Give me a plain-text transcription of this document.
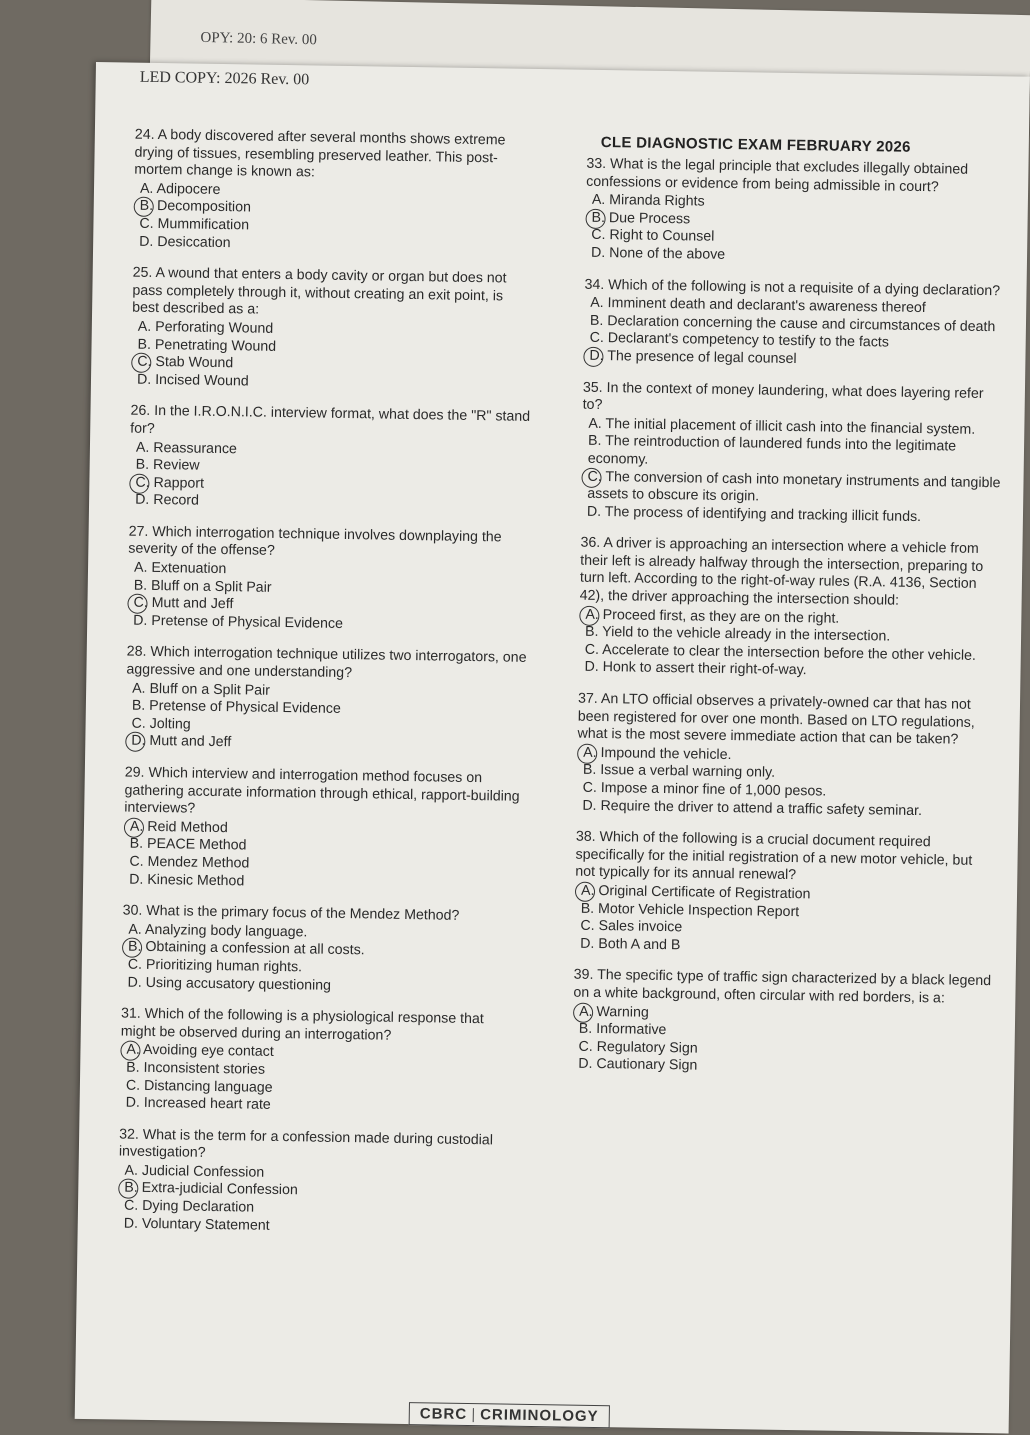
OPY: 20: 6 Rev. 00
LED COPY: 2026 Rev. 00
CLE DIAGNOSTIC EXAM FEBRUARY 2026
24. A body discovered after several months shows extreme drying of tissues, resembling preserved leather. This post-mortem change is known as:
A. Adipocere
B. Decomposition
C. Mummification
D. Desiccation
25. A wound that enters a body cavity or organ but does not pass completely through it, without creating an exit point, is best described as a:
A. Perforating Wound
B. Penetrating Wound
C. Stab Wound
D. Incised Wound
26. In the I.R.O.N.I.C. interview format, what does the "R" stand for?
A. Reassurance
B. Review
C. Rapport
D. Record
27. Which interrogation technique involves downplaying the severity of the offense?
A. Extenuation
B. Bluff on a Split Pair
C. Mutt and Jeff
D. Pretense of Physical Evidence
28. Which interrogation technique utilizes two interrogators, one aggressive and one understanding?
A. Bluff on a Split Pair
B. Pretense of Physical Evidence
C. Jolting
D. Mutt and Jeff
29. Which interview and interrogation method focuses on gathering accurate information through ethical, rapport-building interviews?
A. Reid Method
B. PEACE Method
C. Mendez Method
D. Kinesic Method
30. What is the primary focus of the Mendez Method?
A. Analyzing body language.
B. Obtaining a confession at all costs.
C. Prioritizing human rights.
D. Using accusatory questioning
31. Which of the following is a physiological response that might be observed during an interrogation?
A. Avoiding eye contact
B. Inconsistent stories
C. Distancing language
D. Increased heart rate
32. What is the term for a confession made during custodial investigation?
A. Judicial Confession
B. Extra-judicial Confession
C. Dying Declaration
D. Voluntary Statement
33. What is the legal principle that excludes illegally obtained confessions or evidence from being admissible in court?
A. Miranda Rights
B. Due Process
C. Right to Counsel
D. None of the above
34. Which of the following is not a requisite of a dying declaration?
A. Imminent death and declarant's awareness thereof
B. Declaration concerning the cause and circumstances of death
C. Declarant's competency to testify to the facts
D. The presence of legal counsel
35. In the context of money laundering, what does layering refer to?
A. The initial placement of illicit cash into the financial system.
B. The reintroduction of laundered funds into the legitimate economy.
C. The conversion of cash into monetary instruments and tangible assets to obscure its origin.
D. The process of identifying and tracking illicit funds.
36. A driver is approaching an intersection where a vehicle from their left is already halfway through the intersection, preparing to turn left. According to the right-of-way rules (R.A. 4136, Section 42), the driver approaching the intersection should:
A. Proceed first, as they are on the right.
B. Yield to the vehicle already in the intersection.
C. Accelerate to clear the intersection before the other vehicle.
D. Honk to assert their right-of-way.
37. An LTO official observes a privately-owned car that has not been registered for over one month. Based on LTO regulations, what is the most severe immediate action that can be taken?
A. Impound the vehicle.
B. Issue a verbal warning only.
C. Impose a minor fine of 1,000 pesos.
D. Require the driver to attend a traffic safety seminar.
38. Which of the following is a crucial document required specifically for the initial registration of a new motor vehicle, but not typically for its annual renewal?
A. Original Certificate of Registration
B. Motor Vehicle Inspection Report
C. Sales invoice
D. Both A and B
39. The specific type of traffic sign characterized by a black legend on a white background, often circular with red borders, is a:
A. Warning
B. Informative
C. Regulatory Sign
D. Cautionary Sign
CBRC CRIMINOLOGY
